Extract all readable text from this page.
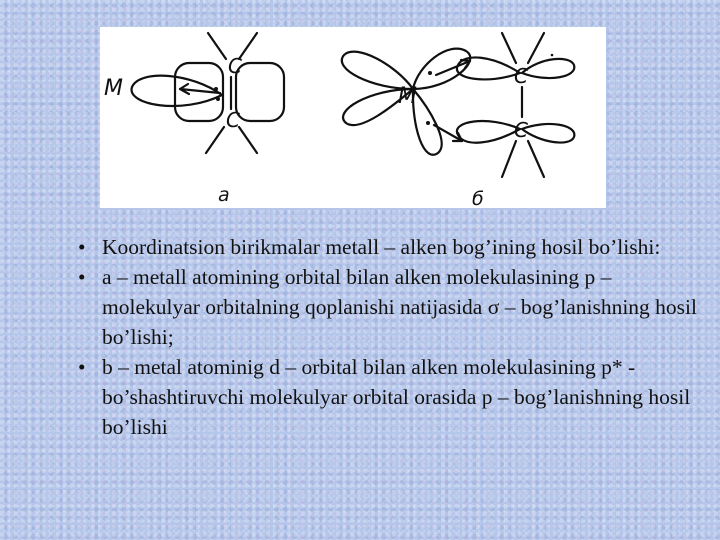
M
C
C
M
C
C
a	б
• Koordinatsion birikmalar metall – alken bog’ining hosil bo’lishi:
• a – metall atomining orbital bilan alken molekulasining p – molekulyar orbitalning qoplanishi natijasida σ – bog’lanishning hosil bo’lishi;
• b – metal atominig d – orbital bilan alken molekulasining p* - bo’shashtiruvchi molekulyar orbital orasida p – bog’lanishning hosil bo’lishi
